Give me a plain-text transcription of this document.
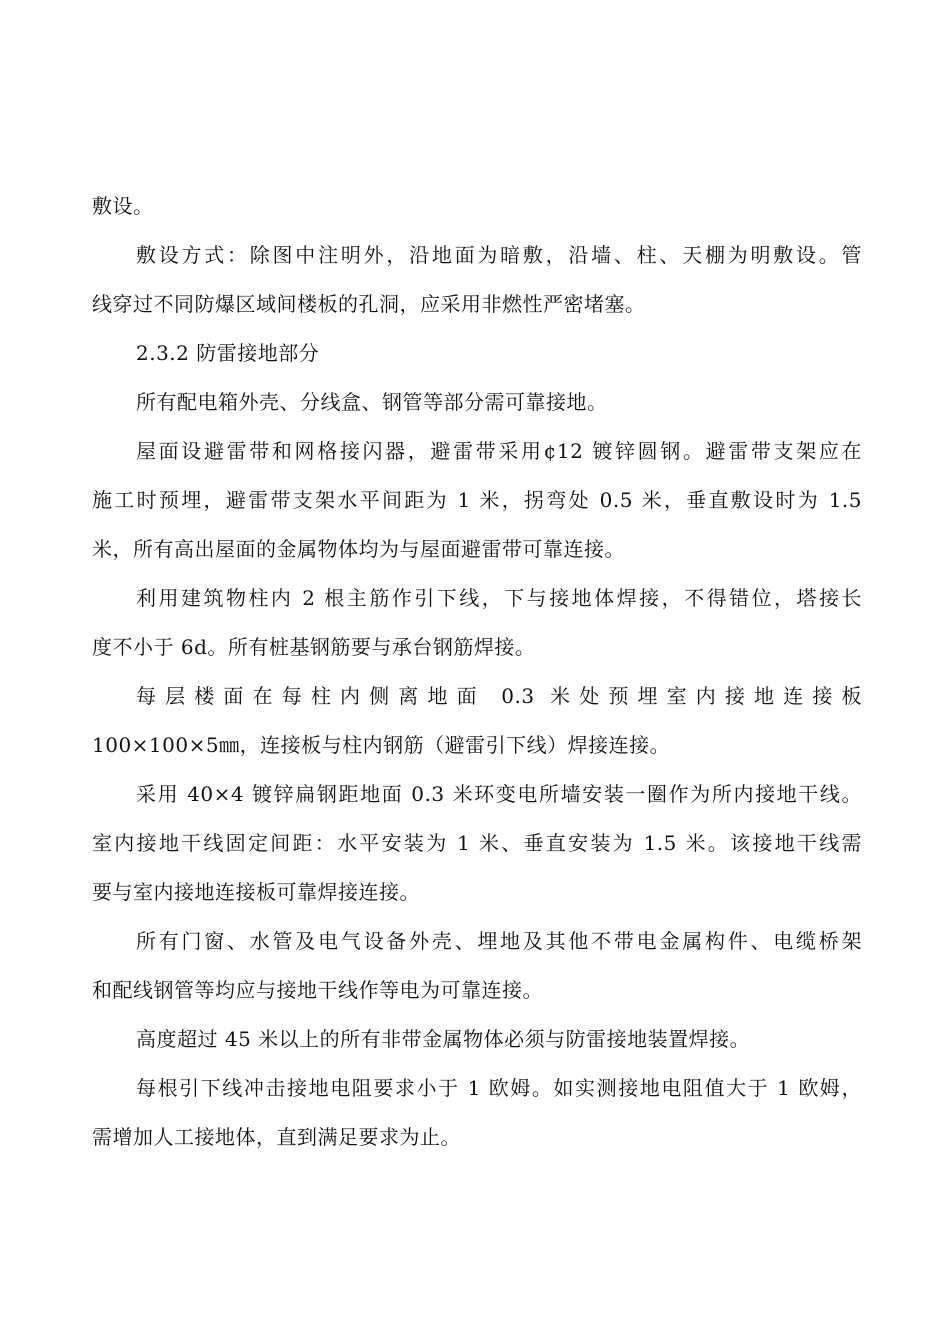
敷设。
敷设方式：除图中注明外，沿地面为暗敷，沿墙、柱、天棚为明敷设。管
线穿过不同防爆区域间楼板的孔洞，应采用非燃性严密堵塞。
2.3.2 防雷接地部分
所有配电箱外壳、分线盒、钢管等部分需可靠接地。
屋面设避雷带和网格接闪器，避雷带采用¢12 镀锌圆钢。避雷带支架应在
施工时预埋，避雷带支架水平间距为 1 米，拐弯处 0.5 米，垂直敷设时为 1.5
米，所有高出屋面的金属物体均为与屋面避雷带可靠连接。
利用建筑物柱内 2 根主筋作引下线，下与接地体焊接，不得错位，塔接长
度不小于 6d。所有桩基钢筋要与承台钢筋焊接。
每层楼面在每柱内侧离地面 0.3 米处预埋室内接地连接板
100×100×5㎜，连接板与柱内钢筋（避雷引下线）焊接连接。
采用 40×4 镀锌扁钢距地面 0.3 米环变电所墙安装一圈作为所内接地干线。
室内接地干线固定间距：水平安装为 1 米、垂直安装为 1.5 米。该接地干线需
要与室内接地连接板可靠焊接连接。
所有门窗、水管及电气设备外壳、埋地及其他不带电金属构件、电缆桥架
和配线钢管等均应与接地干线作等电为可靠连接。
高度超过 45 米以上的所有非带金属物体必须与防雷接地装置焊接。
每根引下线冲击接地电阻要求小于 1 欧姆。如实测接地电阻值大于 1 欧姆，
需增加人工接地体，直到满足要求为止。
